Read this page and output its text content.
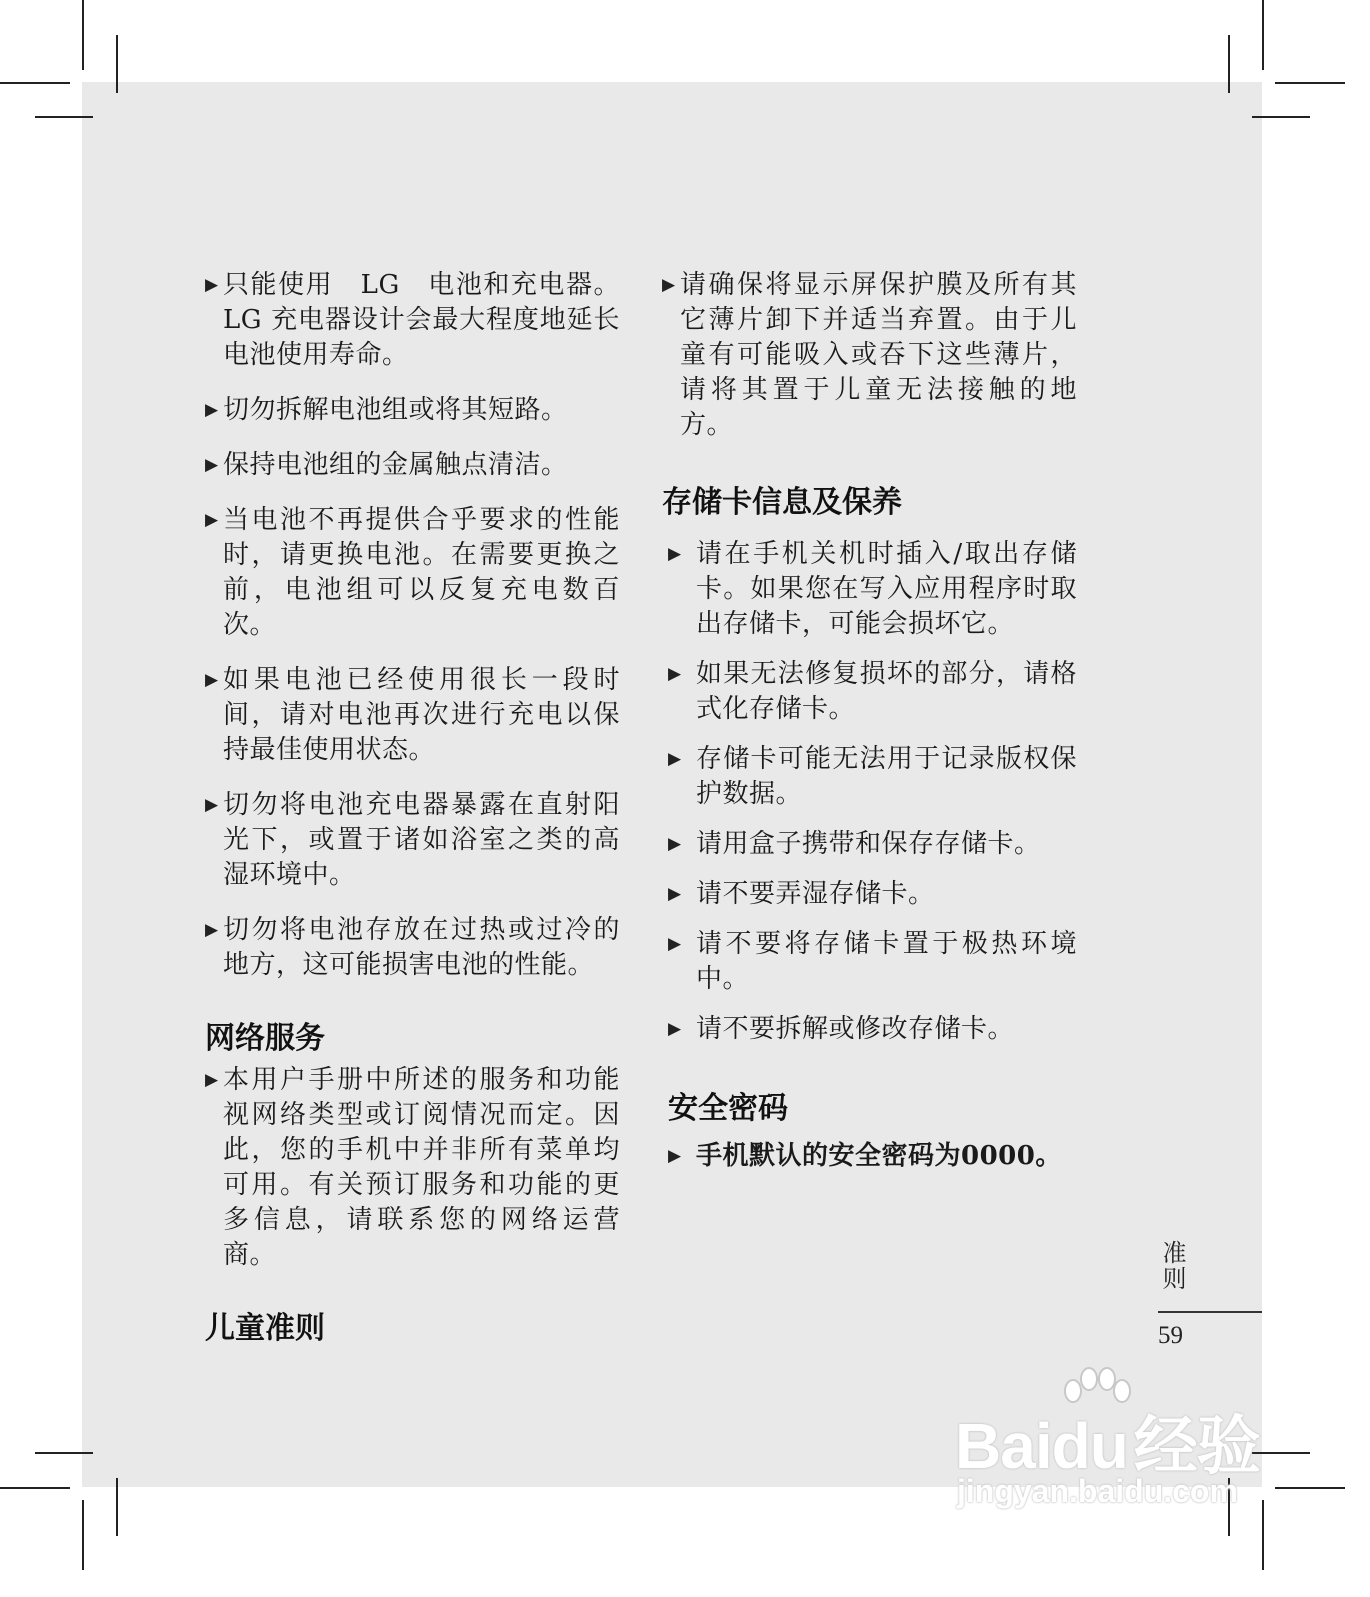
▶ 只能使用　LG　电池和充电器。LG 充电器设计会最大程度地延长电池使用寿命。
▶ 切勿拆解电池组或将其短路。
▶ 保持电池组的金属触点清洁。
▶ 当电池不再提供合乎要求的性能时，请更换电池。在需要更换之前，电池组可以反复充电数百次。
▶ 如果电池已经使用很长一段时间，请对电池再次进行充电以保持最佳使用状态。
▶ 切勿将电池充电器暴露在直射阳光下，或置于诸如浴室之类的高湿环境中。
▶ 切勿将电池存放在过热或过冷的地方，这可能损害电池的性能。
网络服务
▶ 本用户手册中所述的服务和功能视网络类型或订阅情况而定。因此，您的手机中并非所有菜单均可用。有关预订服务和功能的更多信息，请联系您的网络运营商。
儿童准则
▶ 请确保将显示屏保护膜及所有其它薄片卸下并适当弃置。由于儿童有可能吸入或吞下这些薄片，请将其置于儿童无法接触的地方。
存储卡信息及保养
▶ 请在手机关机时插入/取出存储卡。如果您在写入应用程序时取出存储卡，可能会损坏它。
▶ 如果无法修复损坏的部分，请格式化存储卡。
▶ 存储卡可能无法用于记录版权保护数据。
▶ 请用盒子携带和保存存储卡。
▶ 请不要弄湿存储卡。
▶ 请不要将存储卡置于极热环境中。
▶ 请不要拆解或修改存储卡。
安全密码
▶ 手机默认的安全密码为0000。
准则
59
Baidu经验
jingyan.baidu.com
